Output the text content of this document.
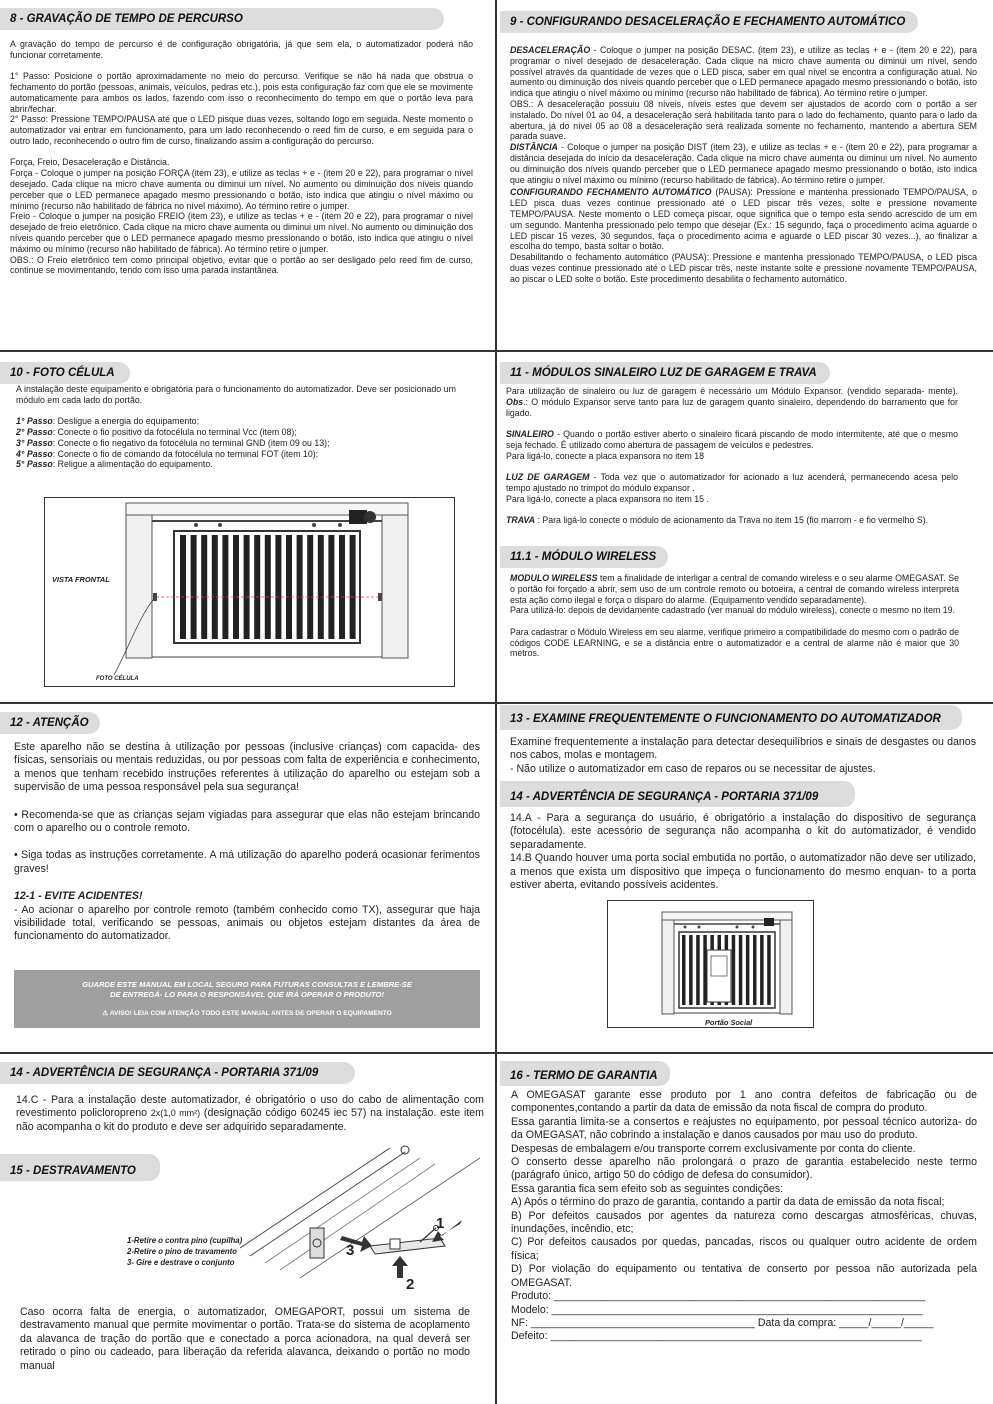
8 - GRAVAÇÃO DE TEMPO DE PERCURSO

A gravação do tempo de percurso é de configuração obrigatória, já que sem ela, o automatizador poderá não funcionar corretamente.

1° Passo: Posicione o portão aproximadamente no meio do percurso. Verifique se não há nada que obstrua o fechamento do portão (pessoas, animais, veículos, pedras etc.), pois esta configuração faz com que ele se movimente automaticamente para ambos os lados, fazendo com isso o reconhecimento do tempo em que o portão leva para abrir/fechar.

2° Passo: Pressione TEMPO/PAUSA até que o LED pisque duas vezes, soltando logo em seguida. Neste momento o automatizador vai entrar em funcionamento, para um lado reconhecendo o reed fim de curso, e em seguida para o outro lado, reconhecendo o outro fim de curso, finalizando assim a configuração do percurso.

Força, Freio, Desaceleração e Distância.

Força - Coloque o jumper na posição FORÇA (item 23), e utilize as teclas + e - (item 20 e 22), para programar o nível desejado. Cada clique na micro chave aumenta ou diminui um nível. No aumento ou diminuição dos níveis quando perceber que o LED permanece apagado mesmo pressionando o botão, isto indica que atingiu o nível máximo ou mínimo (recurso não habilitado de fábrica no nível máximo). Ao término retire o jumper.

Freio - Coloque o jumper na posição FREIO (item 23), e utilize as teclas + e - (item 20 e 22), para programar o nível desejado de freio eletrônico. Cada clique na micro chave aumenta ou diminui um nível. No aumento ou diminuição dos níveis quando perceber que o LED permanece apagado mesmo pressionando o botão, isto indica que atingiu o nível máximo ou mínimo (recurso não habilitado de fábrica). Ao término retire o jumper.

OBS.: O Freio eletrônico tem como principal objetivo, evitar que o portão ao ser desligado pelo reed fim de curso, continue se movimentando, tendo com isso uma parada instantânea.

9 - CONFIGURANDO DESACELERAÇÃO E FECHAMENTO AUTOMÁTICO

DESACELERAÇÃO - Coloque o jumper na posição DESAC. (item 23), e utilize as teclas + e - (item 20 e 22), para programar o nível desejado de desaceleração. Cada clique na micro chave aumenta ou diminui um nível, sendo possível através da quantidade de vezes que o LED pisca, saber em qual nível se encontra a configuração atual. No aumento ou diminuição dos níveis quando perceber que o LED permanece apagado mesmo pressionando o botão, isto indica que atingiu o nível máximo ou mínimo (recurso não habilitado de fábrica). Ao término retire o jumper.

OBS.: A desaceleração possuiu 08 níveis, níveis estes que devem ser ajustados de acordo com o portão a ser instalado. Do nível 01 ao 04, a desaceleração será habilitada tanto para o lado do fechamento, quanto para o lado da abertura, já do nível 05 ao 08 a desaceleração será realizada somente no fechamento, mantendo a abertura SEM parada suave.

DISTÂNCIA - Coloque o jumper na posição DIST (item 23), e utilize as teclas + e - (item 20 e 22), para programar a distância desejada do início da desaceleração. Cada clique na micro chave aumenta ou diminui um nível. No aumento ou diminuição dos níveis quando perceber que o LED permanece apagado mesmo pressionando o botão, isto indica que atingiu o nível máximo ou mínimo (recurso habilitado de fábrica). Ao término retire o jumper.

CONFIGURANDO FECHAMENTO AUTOMÁTICO (PAUSA): Pressione e mantenha pressionado TEMPO/PAUSA, o LED pisca duas vezes continue pressionado até o LED piscar três vezes, solte e pressione novamente TEMPO/PAUSA. Neste momento o LED começa piscar, oque significa que o tempo esta sendo acrescido de um em um segundo. Mantenha pressionado pelo tempo que desejar (Ex.: 15 segundo, faça o procedimento acima aguarde o LED piscar 15 vezes, 30 segundos, faça o procedimento acima e aguarde o LED piscar 30 vezes...), ao finalizar a escolha do tempo, basta soltar o botão.

Desabilitando o fechamento automático (PAUSA): Pressione e mantenha pressionado TEMPO/PAUSA, o LED pisca duas vezes continue pressionado até o LED piscar três, neste instante solte e pressione novamente TEMPO/PAUSA, ao piscar o LED solte o botão. Este procedimento desabilita o fechamento automático.

10 - FOTO CÉLULA

A instalação deste equipamento e obrigatória para o funcionamento do automatizador. Deve ser posicionado um módulo em cada lado do portão.

1° Passo: Desligue a energia do equipamento;

2° Passo: Conecte o fio positivo da fotocélula no terminal Vcc (item 08);

3° Passo: Conecte o fio negativo da fotocélula no terminal GND (item 09 ou 13);

4° Passo: Conecte o fio de comando da fotocélula no terminal FOT (item 10);

5° Passo: Religue a alimentação do equipamento.

VISTA FRONTAL
FOTO CÉLULA
11 - MÓDULOS SINALEIRO LUZ DE GARAGEM E TRAVA

Para utilização de sinaleiro ou luz de garagem é necessário um Módulo Expansor. (vendido separada- mente). Obs.: O módulo Expansor serve tanto para luz de garagem quanto sinaleiro, dependendo do barramento que for ligado.

SINALEIRO - Quando o portão estiver aberto o sinaleiro ficará piscando de modo intermitente, até que o mesmo seja fechado. É utilizado como abertura de passagem de veículos e pedestres.

Para ligá-lo, conecte a placa expansora no item 18

LUZ DE GARAGEM - Toda vez que o automatizador for acionado a luz acenderá, permanecendo acesa pelo tempo ajustado no trimpot do módulo expansor .

Para ligá-lo, conecte a placa expansora no item 15 .

TRAVA : Para ligá-lo conecte o módulo de acionamento da Trava no item 15 (fio marrom - e fio vermelho S).

11.1 - MÓDULO WIRELESS

MODULO WIRELESS tem a finalidade de interligar a central de comando wireless e o seu alarme OMEGASAT. Se o portão foi forçado a abrir, sem uso de um controle remoto ou botoeira, a central de comando wireless interpreta esta ação como ilegal e força o disparo do alarme. (Equipamento vendido separadamente).

Para utilizá-lo: depois de devidamente cadastrado (ver manual do módulo wireless), conecte o mesmo no item 19.

Para cadastrar o Módulo Wireless em seu alarme, verifique primeiro a compatibilidade do mesmo com o padrão de códigos CODE LEARNING, e se a distância entre o automatizador e a central de alarme não é maior que 30 metros.

12 - ATENÇÃO

Este aparelho não se destina à utilização por pessoas (inclusive crianças) com capacida- des físicas, sensoriais ou mentais reduzidas, ou por pessoas com falta de experiência e conhecimento, a menos que tenham recebido instruções referentes à utilização do aparelho ou estejam sob a supervisão de uma pessoa responsável pela sua segurança!

• Recomenda-se que as crianças sejam vigiadas para assegurar que elas não estejam brincando com o aparelho ou o controle remoto.

• Siga todas as instruções corretamente. A má utilização do aparelho poderá ocasionar ferimentos graves!

12-1 - EVITE ACIDENTES!

- Ao acionar o aparelho por controle remoto (também conhecido como TX), assegurar que haja visibilidade total, verificando se pessoas, animais ou objetos estejam distantes da área de funcionamento do automatizador.

GUARDE ESTE MANUAL EM LOCAL SEGURO PARA FUTURAS CONSULTAS E LEMBRE-SE
DE ENTREGÁ- LO PARA O RESPONSÁVEL QUE IRÁ OPERAR O PRODUTO!
⚠ AVISO! LEIA COM ATENÇÃO TODO ESTE MANUAL ANTES DE OPERAR O EQUIPAMENTO
13 - EXAMINE FREQUENTEMENTE O FUNCIONAMENTO DO AUTOMATIZADOR

Examine frequentemente a instalação para detectar desequilíbrios e sinais de desgastes ou danos nos cabos, molas e montagem.

- Não utilize o automatizador em caso de reparos ou se necessitar de ajustes.

14 - ADVERTÊNCIA DE SEGURANÇA - PORTARIA 371/09

14.A - Para a segurança do usuário, é obrigatório a instalação do dispositivo de segurança (fotocélula). este acessório de segurança não acompanha o kit do automatizador, é vendido separadamente.

14.B Quando houver uma porta social embutida no portão, o automatizador não deve ser utilizado, a menos que exista um dispositivo que impeça o funcionamento do mesmo enquan- to a porta estiver aberta, evitando possíveis acidentes.

Portão Social
14 - ADVERTÊNCIA DE SEGURANÇA - PORTARIA 371/09

14.C - Para a instalação deste automatizador, é obrigatório o uso do cabo de alimentação com revestimento policloropreno 2x(1,0 mm²) (designação código 60245 iec 57) na instalação. este item não acompanha o kit do produto e deve ser adquirido separadamente.

15 - DESTRAVAMENTO
1-Retire o contra pino (cupilha)
2-Retire o pino de travamento
3- Gire e destrave o conjunto
1
2
3

Caso ocorra falta de energia, o automatizador, OMEGAPORT, possui um sistema de destravamento manual que permite movimentar o portão. Trata-se do sistema de acoplamento da alavanca de tração do portão que e conectado a porca acionadora, na qual deverá ser retirado o pino ou cadeado, para liberação da referida alavanca, deixando o portão no modo manual

16 - TERMO DE GARANTIA

A OMEGASAT garante esse produto por 1 ano contra defeitos de fabricação ou de componentes,contando a partir da data de emissão da nota fiscal de compra do produto.

Essa garantia limita-se a consertos e reajustes no equipamento, por pessoal técnico autoriza- do da OMEGASAT, não cobrindo a instalação e danos causados por mau uso do produto.

Despesas de embalagem e/ou transporte correm exclusivamente por conta do cliente.

O conserto desse aparelho não prolongará o prazo de garantia estabelecido neste termo (parágrafo único, artigo 50 do código de defesa do consumidor).

Essa garantia fica sem efeito sob as seguintes condições:

A) Após o término do prazo de garantia, contando a partir da data de emissão da nota fiscal;

B) Por defeitos causados por agentes da natureza como descargas atmosféricas, chuvas, inundações, incêndio, etc;

C) Por defeitos causados por quedas, pancadas, riscos ou qualquer outro acidente de ordem física;

D) Por violação do equipamento ou tentativa de conserto por pessoa não autorizada pela OMEGASAT.

Produto: _______________________________________________________________

Modelo: _______________________________________________________________

NF: ______________________________________ Data da compra: _____/_____/_____

Defeito: _______________________________________________________________
